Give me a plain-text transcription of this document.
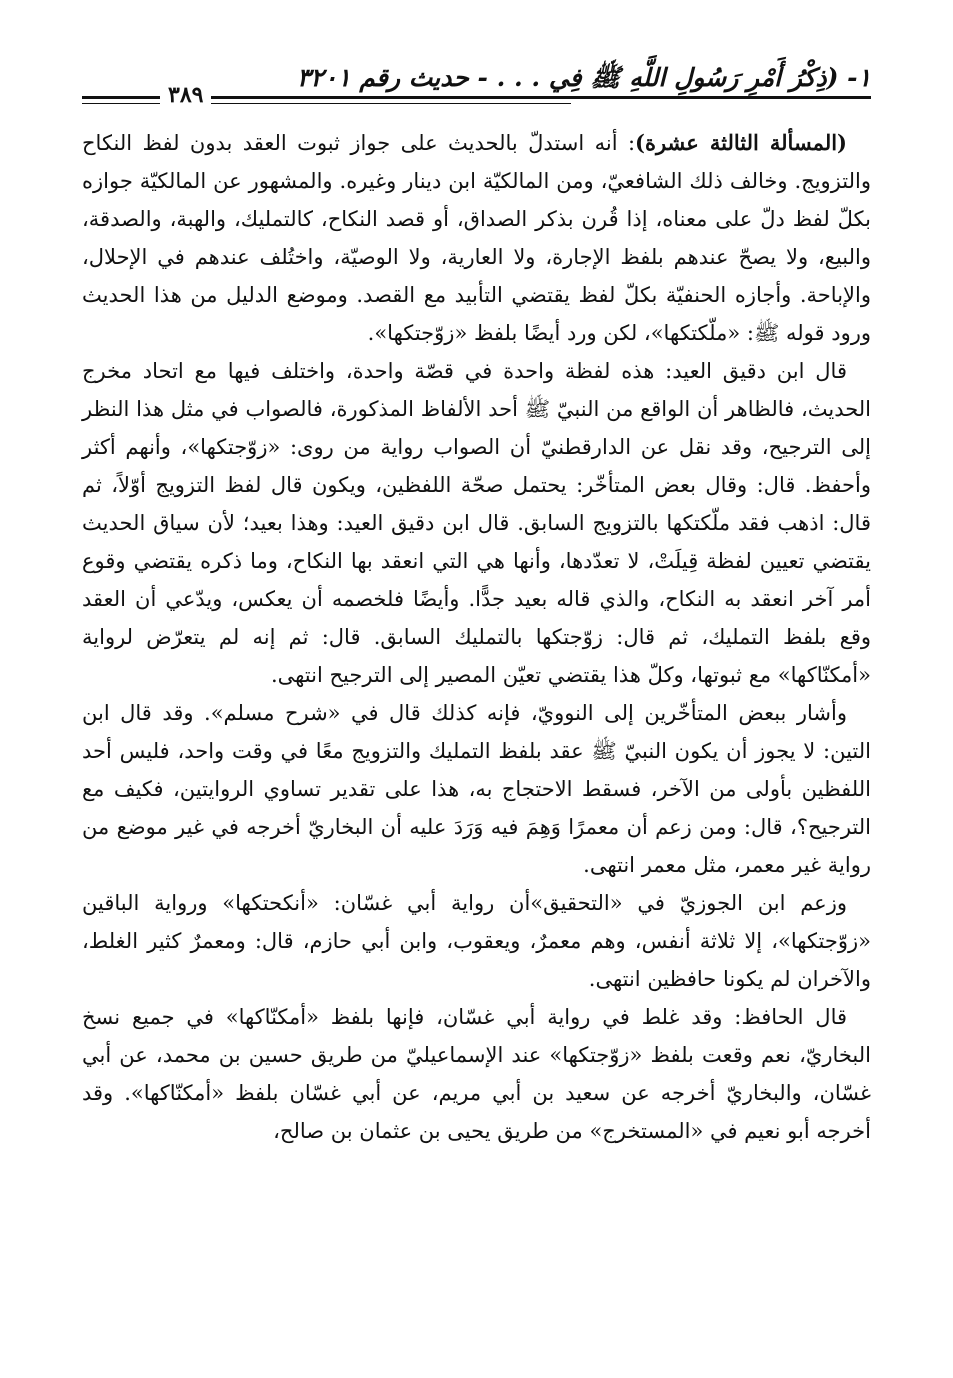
١- (ذِكْرُ أَمْرِ رَسُولِ اللَّهِ ﷺ فِي . . . - حديث رقم ٣٢٠١
٣٨٩

(المسألة الثالثة عشرة): أنه استدلّ بالحديث على جواز ثبوت العقد بدون لفظ النكاح والتزويج. وخالف ذلك الشافعيّ، ومن المالكيّة ابن دينار وغيره. والمشهور عن المالكيّة جوازه بكلّ لفظ دلّ على معناه، إذا قُرن بذكر الصداق، أو قصد النكاح، كالتمليك، والهبة، والصدقة، والبيع، ولا يصحّ عندهم بلفظ الإجارة، ولا العارية، ولا الوصيّة، واختُلف عندهم في الإحلال، والإباحة. وأجازه الحنفيّة بكلّ لفظ يقتضي التأبيد مع القصد. وموضع الدليل من هذا الحديث ورود قوله ﷺ: «ملّكتكها»، لكن ورد أيضًا بلفظ «زوّجتكها».

قال ابن دقيق العيد: هذه لفظة واحدة في قصّة واحدة، واختلف فيها مع اتحاد مخرج الحديث، فالظاهر أن الواقع من النبيّ ﷺ أحد الألفاظ المذكورة، فالصواب في مثل هذا النظر إلى الترجيح، وقد نقل عن الدارقطنيّ أن الصواب رواية من روى: «زوّجتكها»، وأنهم أكثر وأحفظ. قال: وقال بعض المتأخّر: يحتمل صحّة اللفظين، ويكون قال لفظ التزويج أوّلاً، ثم قال: اذهب فقد ملّكتكها بالتزويج السابق. قال ابن دقيق العيد: وهذا بعيد؛ لأن سياق الحديث يقتضي تعيين لفظة قِيلَتْ، لا تعدّدها، وأنها هي التي انعقد بها النكاح، وما ذكره يقتضي وقوع أمر آخر انعقد به النكاح، والذي قاله بعيد جدًّا. وأيضًا فلخصمه أن يعكس، ويدّعي أن العقد وقع بلفظ التمليك، ثم قال: زوّجتكها بالتمليك السابق. قال: ثم إنه لم يتعرّض لرواية «أمكنّاكها» مع ثبوتها، وكلّ هذا يقتضي تعيّن المصير إلى الترجيح انتهى.

وأشار ببعض المتأخّرين إلى النوويّ، فإنه كذلك قال في «شرح مسلم». وقد قال ابن التين: لا يجوز أن يكون النبيّ ﷺ عقد بلفظ التمليك والتزويج معًا في وقت واحد، فليس أحد اللفظين بأولى من الآخر، فسقط الاحتجاج به، هذا على تقدير تساوي الروايتين، فكيف مع الترجيح؟، قال: ومن زعم أن معمرًا وَهِمَ فيه وَرَدَ عليه أن البخاريّ أخرجه في غير موضع من رواية غير معمر، مثل معمر انتهى.

وزعم ابن الجوزيّ في «التحقيق»أن رواية أبي غسّان: «أنكحتكها» ورواية الباقين «زوّجتكها»، إلا ثلاثة أنفس، وهم معمرٌ، ويعقوب، وابن أبي حازم، قال: ومعمرٌ كثير الغلط، والآخران لم يكونا حافظين انتهى.

قال الحافظ: وقد غلط في رواية أبي غسّان، فإنها بلفظ «أمكنّاكها» في جميع نسخ البخاريّ، نعم وقعت بلفظ «زوّجتكها» عند الإسماعيليّ من طريق حسين بن محمد، عن أبي غسّان، والبخاريّ أخرجه عن سعيد بن أبي مريم، عن أبي غسّان بلفظ «أمكنّاكها». وقد أخرجه أبو نعيم في «المستخرج» من طريق يحيى بن عثمان بن صالح،
